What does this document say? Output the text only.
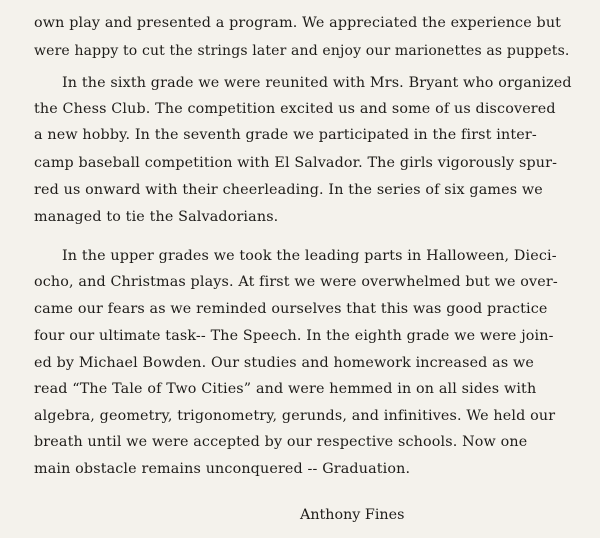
own play and presented a program. We appreciated the experience but
were happy to cut the strings later and enjoy our marionettes as puppets.
In the sixth grade we were reunited with Mrs. Bryant who organized
the Chess Club. The competition excited us and some of us discovered
a new hobby. In the seventh grade we participated in the first inter-
camp baseball competition with El Salvador. The girls vigorously spur-
red us onward with their cheerleading. In the series of six games we
managed to tie the Salvadorians.
In the upper grades we took the leading parts in Halloween, Dieci-
ocho, and Christmas plays. At first we were overwhelmed but we over-
came our fears as we reminded ourselves that this was good practice
four our ultimate task-- The Speech. In the eighth grade we were join-
ed by Michael Bowden. Our studies and homework increased as we
read “The Tale of Two Cities” and were hemmed in on all sides with
algebra, geometry, trigonometry, gerunds, and infinitives. We held our
breath until we were accepted by our respective schools. Now one
main obstacle remains unconquered -- Graduation.
Anthony Fines
